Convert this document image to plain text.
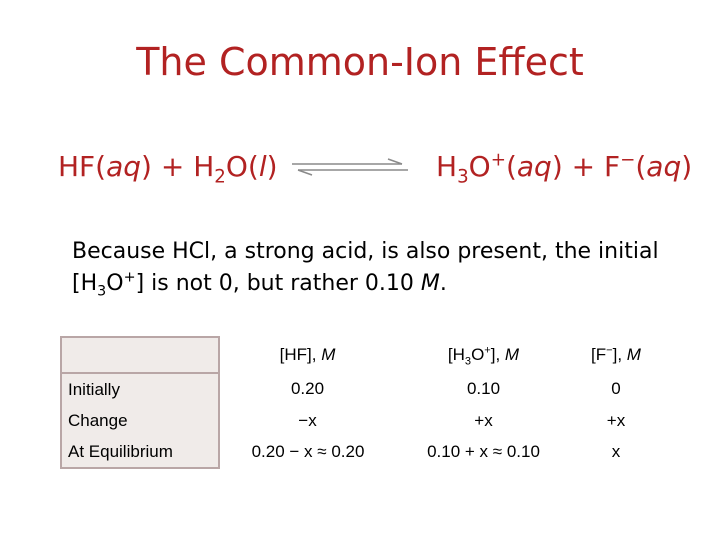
The Common-Ion Effect
$HF(aq) + H_2O(l)$	$H_3O^+(aq) + F^-(aq)$
Because HCl, a strong acid, is also present, the initial $[H_3O^+]$ is not 0, but rather 0.10 M.
	[HF], M	$[H_3O^+]$, M	[F−], M
Initially	0.20	0.10	0
Change	−x	+x	+x
At Equilibrium	0.20 − x ≈ 0.20	0.10 + x ≈ 0.10	x
